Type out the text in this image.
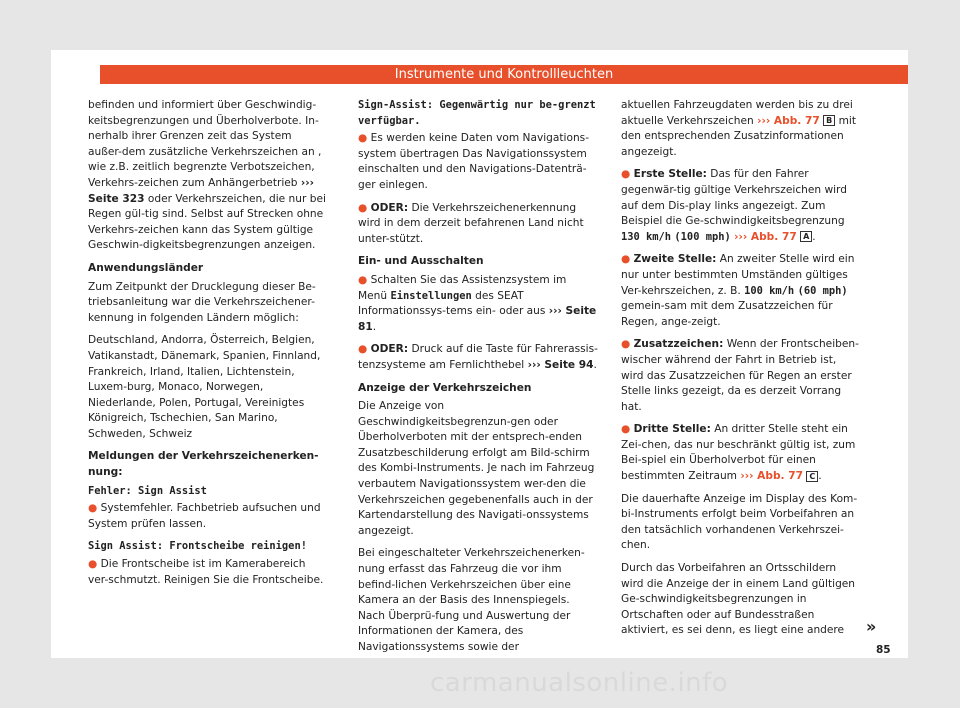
Instrumente und Kontrollleuchten

befinden und informiert über Geschwindig-keitsbegrenzungen und Überholverbote. In-nerhalb ihrer Grenzen zeit das System außer-dem zusätzliche Verkehrszeichen an , wie z.B. zeitlich begrenzte Verbotszeichen, Verkehrs-zeichen zum Anhängerbetrieb ››› Seite 323 oder Verkehrszeichen, die nur bei Regen gül-tig sind. Selbst auf Strecken ohne Verkehrs-zeichen kann das System gültige Geschwin-digkeitsbegrenzungen anzeigen.

Anwendungsländer

Zum Zeitpunkt der Drucklegung dieser Be-triebsanleitung war die Verkehrszeichener-kennung in folgenden Ländern möglich:

Deutschland, Andorra, Österreich, Belgien, Vatikanstadt, Dänemark, Spanien, Finnland, Frankreich, Irland, Italien, Lichtenstein, Luxem-burg, Monaco, Norwegen, Niederlande, Polen, Portugal, Vereinigtes Königreich, Tschechien, San Marino, Schweden, Schweiz

Meldungen der Verkehrszeichenerken-nung:

Fehler: Sign Assist

● Systemfehler. Fachbetrieb aufsuchen und System prüfen lassen.

Sign Assist: Frontscheibe reinigen!

● Die Frontscheibe ist im Kamerabereich ver-schmutzt. Reinigen Sie die Frontscheibe.

Sign-Assist: Gegenwärtig nur be-grenzt verfügbar.

● Es werden keine Daten vom Navigations-system übertragen Das Navigationssystem einschalten und den Navigations-Datenträ-ger einlegen.

● ODER: Die Verkehrszeichenerkennung wird in dem derzeit befahrenen Land nicht unter-stützt.

Ein- und Ausschalten

● Schalten Sie das Assistenzsystem im Menü Einstellungen des SEAT Informationssys-tems ein- oder aus ››› Seite 81.

● ODER: Druck auf die Taste für Fahrerassis-tenzsysteme am Fernlichthebel ››› Seite 94.

Anzeige der Verkehrszeichen

Die Anzeige von Geschwindigkeitsbegrenzun-gen oder Überholverboten mit der entsprech-enden Zusatzbeschilderung erfolgt am Bild-schirm des Kombi-Instruments. Je nach im Fahrzeug verbautem Navigationssystem wer-den die Verkehrszeichen gegebenenfalls auch in der Kartendarstellung des Navigati-onssystems angezeigt.

Bei eingeschalteter Verkehrszeichenerken-nung erfasst das Fahrzeug die vor ihm befind-lichen Verkehrszeichen über eine Kamera an der Basis des Innenspiegels. Nach Überprü-fung und Auswertung der Informationen der Kamera, des Navigationssystems sowie der

aktuellen Fahrzeugdaten werden bis zu drei aktuelle Verkehrszeichen ››› Abb. 77 B mit den entsprechenden Zusatzinformationen angezeigt.

● Erste Stelle: Das für den Fahrer gegenwär-tig gültige Verkehrszeichen wird auf dem Dis-play links angezeigt. Zum Beispiel die Ge-schwindigkeitsbegrenzung 130 km/h (100 mph) ››› Abb. 77 A .

● Zweite Stelle: An zweiter Stelle wird ein nur unter bestimmten Umständen gültiges Ver-kehrszeichen, z. B. 100 km/h (60 mph) gemein-sam mit dem Zusatzzeichen für Regen, ange-zeigt.

● Zusatzzeichen: Wenn der Frontscheiben-wischer während der Fahrt in Betrieb ist, wird das Zusatzzeichen für Regen an erster Stelle links gezeigt, da es derzeit Vorrang hat.

● Dritte Stelle: An dritter Stelle steht ein Zei-chen, das nur beschränkt gültig ist, zum Bei-spiel ein Überholverbot für einen bestimmten Zeitraum ››› Abb. 77 C .

Die dauerhafte Anzeige im Display des Kom-bi-Instruments erfolgt beim Vorbeifahren an den tatsächlich vorhandenen Verkehrszei-chen.

Durch das Vorbeifahren an Ortsschildern wird die Anzeige der in einem Land gültigen Ge-schwindigkeitsbegrenzungen in Ortschaften oder auf Bundesstraßen aktiviert, es sei denn, es liegt eine andere	»
85
carmanualsonline.info
